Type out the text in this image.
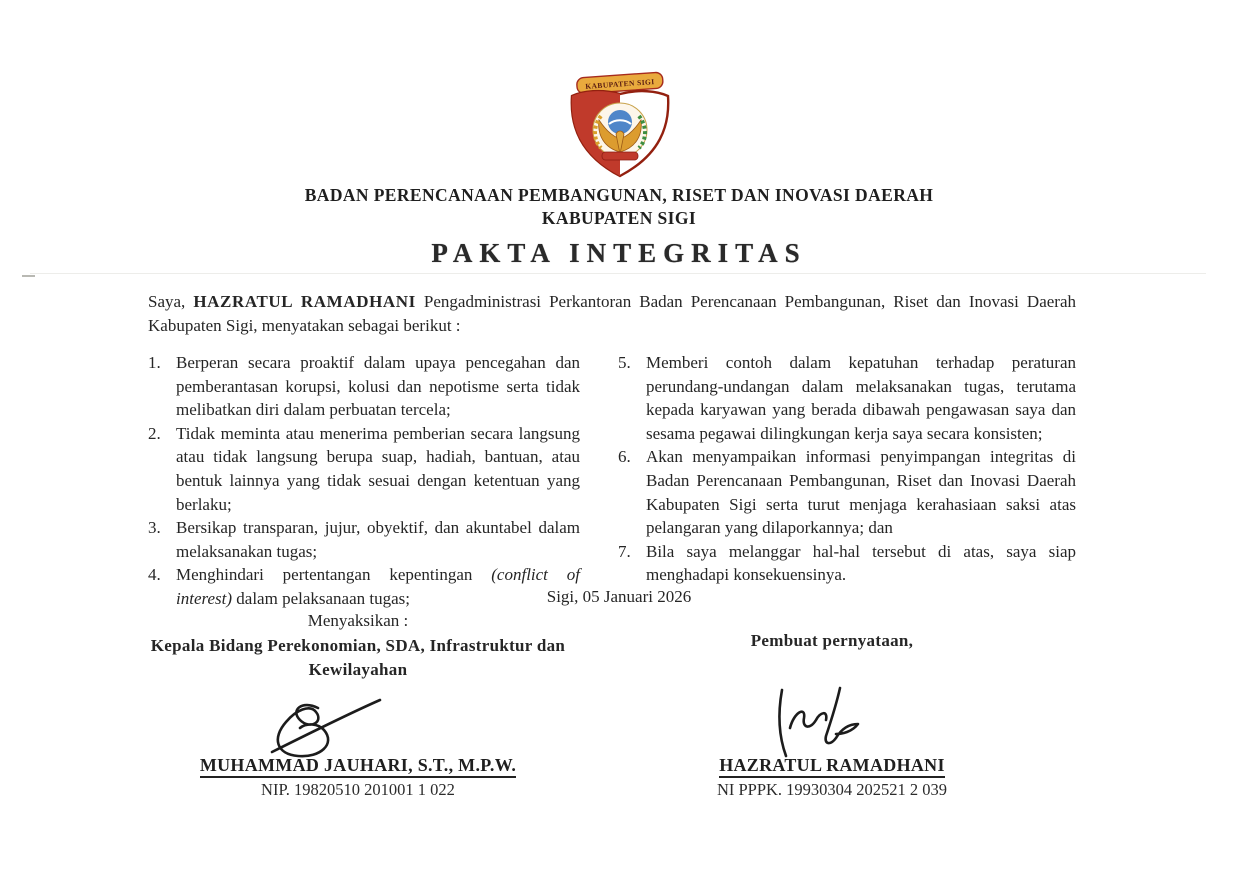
KABUPATEN SIGI
BADAN PERENCANAAN PEMBANGUNAN, RISET DAN INOVASI DAERAH
KABUPATEN SIGI
PAKTA INTEGRITAS

Saya, HAZRATUL RAMADHANI Pengadministrasi Perkantoran Badan Perencanaan Pembangunan, Riset dan Inovasi Daerah Kabupaten Sigi, menyatakan sebagai berikut :

1. Berperan secara proaktif dalam upaya pencegahan dan pemberantasan korupsi, kolusi dan nepotisme serta tidak melibatkan diri dalam perbuatan tercela;
2. Tidak meminta atau menerima pemberian secara langsung atau tidak langsung berupa suap, hadiah, bantuan, atau bentuk lainnya yang tidak sesuai dengan ketentuan yang berlaku;
3. Bersikap transparan, jujur, obyektif, dan akuntabel dalam melaksanakan tugas;
4. Menghindari pertentangan kepentingan (conflict of interest) dalam pelaksanaan tugas;
5. Memberi contoh dalam kepatuhan terhadap peraturan perundang-undangan dalam melaksanakan tugas, terutama kepada karyawan yang berada dibawah pengawasan saya dan sesama pegawai dilingkungan kerja saya secara konsisten;
6. Akan menyampaikan informasi penyimpangan integritas di Badan Perencanaan Pembangunan, Riset dan Inovasi Daerah Kabupaten Sigi serta turut menjaga kerahasiaan saksi atas pelangaran yang dilaporkannya; dan
7. Bila saya melanggar hal-hal tersebut di atas, saya siap menghadapi konsekuensinya.
Sigi, 05 Januari 2026
Menyaksikan :
Kepala Bidang Perekonomian, SDA, Infrastruktur dan Kewilayahan
Pembuat pernyataan,
MUHAMMAD JAUHARI, S.T., M.P.W.
NIP. 19820510 201001 1 022
HAZRATUL RAMADHANI
NI PPPK. 19930304 202521 2 039
